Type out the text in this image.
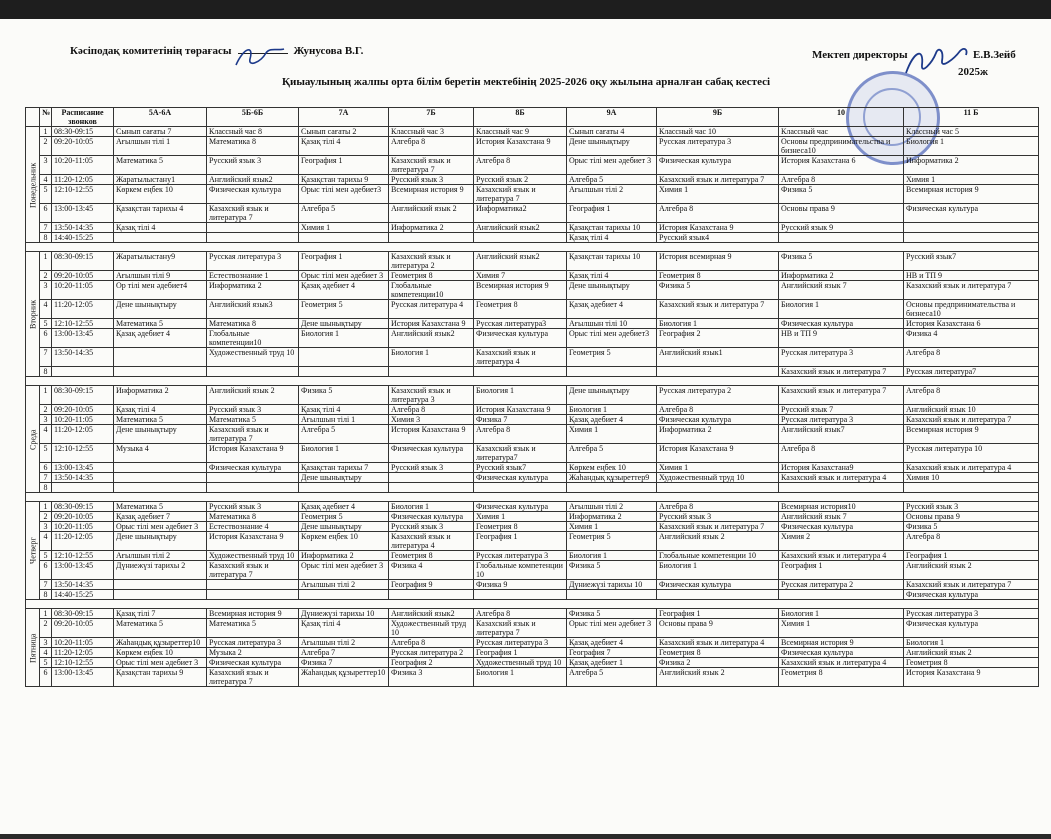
Кәсіподақ комитетінің төрағасы	Жунусова В.Г.	Мектеп директоры	Е.В.Зейб
2025ж
Қиыаулының жалпы орта білім беретін мектебінің 2025-2026 оқу жылына арналған сабақ кестесі
	№	Расписание звонков	5А-6А	5Б-6Б	7А	7Б	8Б	9А	9Б	10	11 Б
Понедельник	1	08:30-09:15	Сынып сағаты 7	Классный час 8	Сынып сағаты 2	Классный час 3	Классный час 9	Сынып сағаты 4	Классный час 10	Классный час	Классный час 5
	2	09:20-10:05	Ағылшын тілі 1	Математика 8	Қазақ тілі 4	Алгебра 8	История Казахстана 9	Дене шынықтыру	Русская литература 3	Основы предпринимательства и бизнеса10	Биология 1
	3	10:20-11:05	Математика 5	Русский язык 3	География 1	Казахский язык и литература 7	Алгебра 8	Орыс тілі мен әдебиет 3	Физическая культура	История Казахстана 6	Информатика 2
	4	11:20-12:05	Жаратылыстану1	Английский язык2	Қазақстан тарихы 9	Русский язык 3	Русский язык 2	Алгебра 5	Казахский язык и литература 7	Алгебра 8	Химия 1
	5	12:10-12:55	Көркем еңбек 10	Физическая культура	Орыс тілі мен әдебиет3	Всемирная история 9	Казахский язык и литература 7	Ағылшын тілі 2	Химия 1	Физика 5	Всемирная история 9
	6	13:00-13:45	Қазақстан тарихы 4	Казахский язык и литература 7	Алгебра 5	Английский язык 2	Информатика2	География 1	Алгебра 8	Основы права 9	Физическая культура
	7	13:50-14:35	Қазақ тілі 4		Химия 1	Информатика 2	Английский язык2	Қазақстан тарихы 10	История Казахстана 9	Русский язык 9	
	8	14:40-15:25						Қазақ тілі 4	Русский язык4		

Вторник	1	08:30-09:15	Жаратылыстану9	Русская литература 3	География 1	Казахский язык и литература 2	Английский язык2	Қазақстан тарихы 10	История всемирная 9	Физика 5	Русский язык7
	2	09:20-10:05	Ағылшын тілі 9	Естествознание 1	Орыс тілі мен әдебиет 3	Геометрия 8	Химия 7	Қазақ тілі 4	Геометрия 8	Информатика 2	НВ и ТП 9
	3	10:20-11:05	Ор тілі мен әдебиет4	Информатика 2	Қазақ әдебиет 4	Глобальные компетенции10	Всемирная история 9	Дене шынықтыру	Физика 5	Английский язык 7	Казахский язык и литература 7
	4	11:20-12:05	Дене шынықтыру	Английский язык3	Геометрия 5	Русская литература 4	Геометрия 8	Қазақ әдебиет 4	Казахский язык и литература 7	Биология 1	Основы предпринимательства и бизнеса10
	5	12:10-12:55	Математика 5	Математика 8	Дене шынықтыру	История Казахстана 9	Русская литература3	Ағылшын тілі 10	Биология 1	Физическая культура	История Казахстана 6
	6	13:00-13:45	Қазақ әдебиет 4	Глобальные компетенции10	Биология 1	Английский язык2	Физическая культура	Орыс тілі мен әдебиет3	География 2	НВ и ТП 9	Физика 4
	7	13:50-14:35		Художественный труд 10		Биология 1	Казахский язык и литература 4	Геометрия 5	Английский язык1	Русская литература 3	Алгебра 8
	8									Казахский язык и литература 7	Русская литература7

Среда	1	08:30-09:15	Информатика 2	Английский язык 2	Физика 5	Казахский язык и литература 3	Биология 1	Дене шынықтыру	Русская литература 2	Казахский язык и литература 7	Алгебра 8
	2	09:20-10:05	Қазақ тілі 4	Русский язык 3	Қазақ тілі 4	Алгебра 8	История Казахстана 9	Биология 1	Алгебра 8	Русский язык 7	Английский язык 10
	3	10:20-11:05	Математика 5	Математика 5	Ағылшын тілі 1	Химия 3	Физика 7	Қазақ әдебиет 4	Физическая культура	Русская литература 3	Казахский язык и литература 7
	4	11:20-12:05	Дене шынықтыру	Казахский язык и литература 7	Алгебра 5	История Казахстана 9	Алгебра 8	Химия 1	Информатика 2	Английский язык7	Всемирная история 9
	5	12:10-12:55	Музыка 4	История Казахстана 9	Биология 1	Физическая культура	Казахский язык и литература7	Алгебра 5	История Казахстана 9	Алгебра 8	Русская литература 10
	6	13:00-13:45		Физическая культура	Қазақстан тарихы 7	Русский язык 3	Русский язык7	Көркем еңбек 10	Химия 1	История Казахстана9	Казахский язык и литература 4
	7	13:50-14:35			Дене шынықтыру		Физическая культура	Жаһандық құзыреттер9	Художественный труд 10	Казахский язык и литература 4	Химия 10
	8										

Четверг	1	08:30-09:15	Математика 5	Русский язык 3	Қазақ әдебиет 4	Биология 1	Физическая культура	Ағылшын тілі 2	Алгебра 8	Всемирная история10	Русский язык 3
	2	09:20-10:05	Қазақ әдебиет 7	Математика 8	Геометрия 5	Физическая культура	Химия 1	Информатика 2	Русский язык 3	Английский язык 7	Основы права 9
	3	10:20-11:05	Орыс тілі мен әдебиет 3	Естествознание 4	Дене шынықтыру	Русский язык 3	Геометрия 8	Химия 1	Казахский язык и литература 7	Физическая культура	Физика 5
	4	11:20-12:05	Дене шынықтыру	История Казахстана 9	Көркем еңбек 10	Казахский язык и литература 4	География 1	Геометрия 5	Английский язык 2	Химия 2	Алгебра 8
	5	12:10-12:55	Ағылшын тілі 2	Художественный труд 10	Информатика 2	Геометрия 8	Русская литература 3	Биология 1	Глобальные компетенции 10	Казахский язык и литература 4	География 1
	6	13:00-13:45	Дүниежүзі тарихы 2	Казахский язык и литература 7	Орыс тілі мен әдебиет 3	Физика 4	Глобальные компетенции 10	Физика 5	Биология 1	География 1	Английский язык 2
	7	13:50-14:35			Ағылшын тілі 2	География 9	Физика 9	Дүниежүзі тарихы 10	Физическая культура	Русская литература 2	Казахский язык и литература 7
	8	14:40-15:25									Физическая культура

Пятница	1	08:30-09:15	Қазақ тілі 7	Всемирная история 9	Дүниежүзі тарихы 10	Английский язык2	Алгебра 8	Физика 5	География 1	Биология 1	Русская литература 3
	2	09:20-10:05	Математика 5	Математика 5	Қазақ тілі 4	Художественный труд 10	Казахский язык и литература 7	Орыс тілі мен әдебиет 3	Основы права 9	Химия 1	Физическая культура
	3	10:20-11:05	Жаһандық құзыреттер10	Русская литература 3	Ағылшын тілі 2	Алгебра 8	Русская литература 3	Қазақ әдебиет 4	Казахский язык и литература 4	Всемирная история 9	Биология 1
	4	11:20-12:05	Көркем еңбек 10	Музыка 2	Алгебра 7	Русская литература 2	География 1	География 7	Геометрия 8	Физическая культура	Английский язык 2
	5	12:10-12:55	Орыс тілі мен әдебиет 3	Физическая культура	Физика 7	География 2	Художественный труд 10	Қазақ әдебиет 1	Физика 2	Казахский язык и литература 4	Геометрия 8
	6	13:00-13:45	Қазақстан тарихы 9	Казахский язык и литература 7	Жаһандық құзыреттер10	Физика 3	Биология 1	Алгебра 5	Английский язык 2	Геометрия 8	История Казахстана 9
